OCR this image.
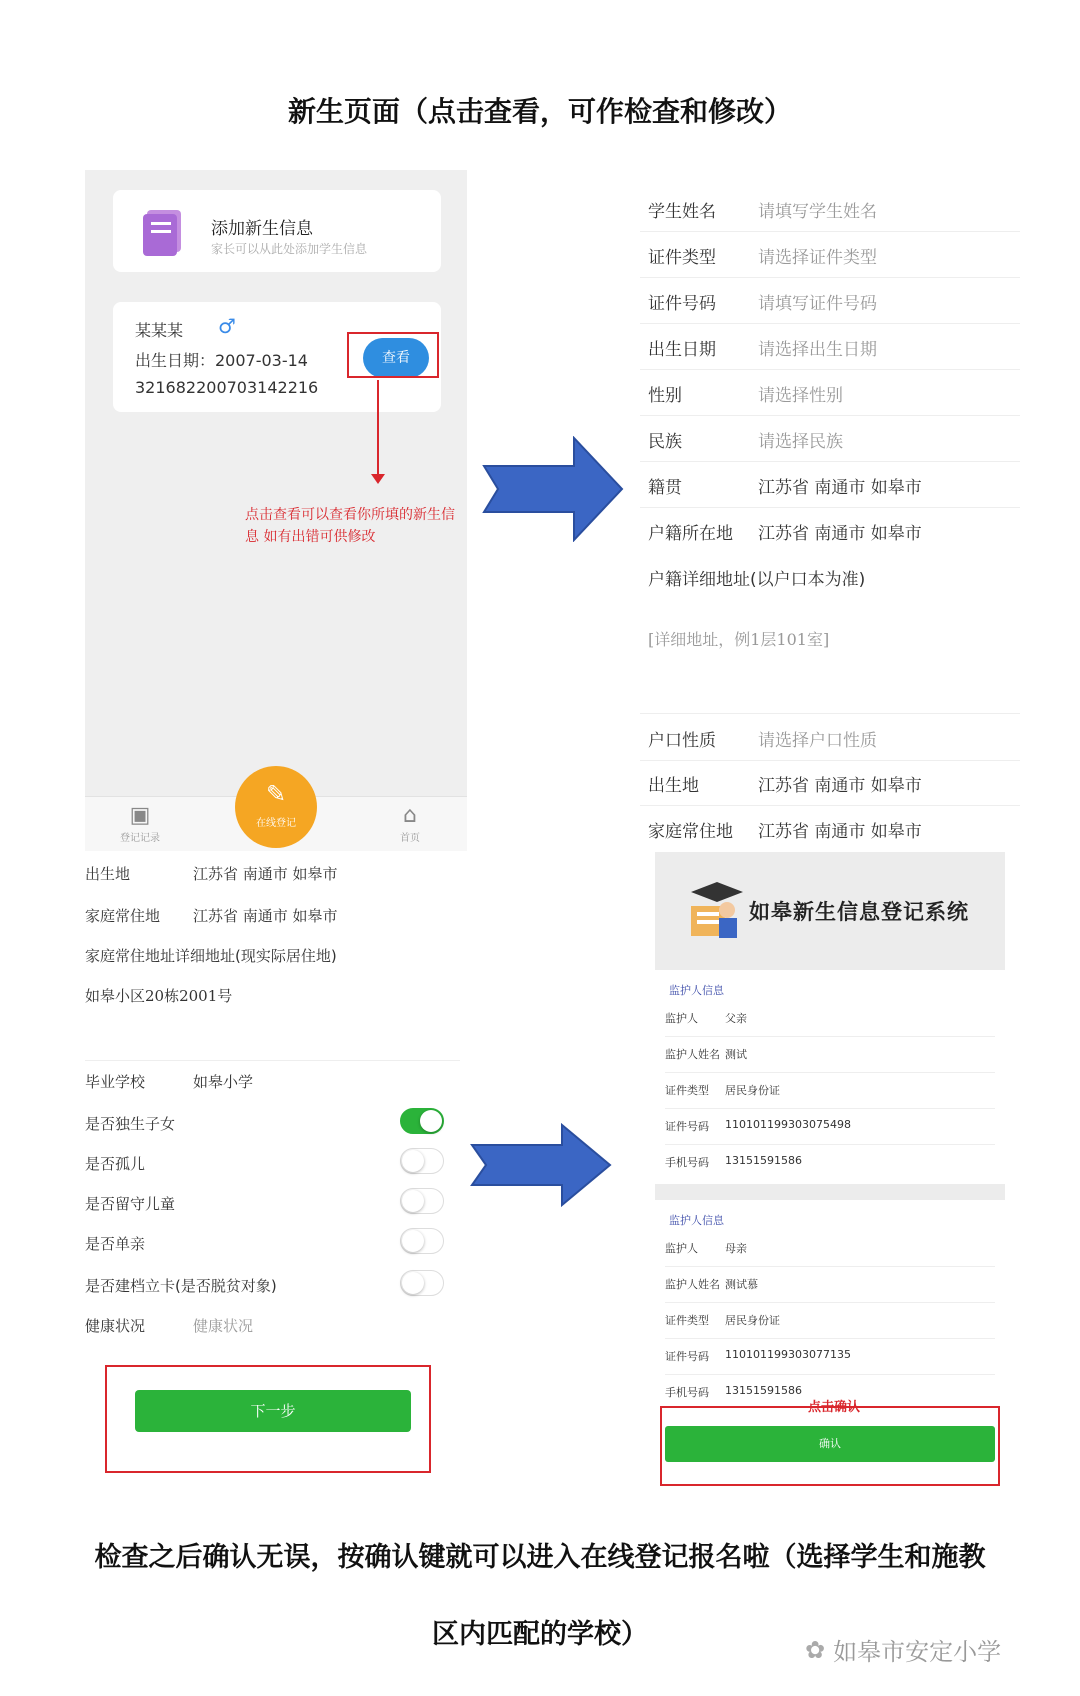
新生页面（点击查看，可作检查和修改）
添加新生信息
家长可以从此处添加学生信息
某某某 ♂
出生日期：2007-03-14
321682200703142216
查看
点击查看可以查看你所填的新生信息 如有出错可供修改
▣
登记记录
⌂
首页
✎
在线登记
学生姓名 请填写学生姓名
证件类型 请选择证件类型
证件号码 请填写证件号码
出生日期 请选择出生日期
性别	请选择性别
民族	请选择民族
籍贯	江苏省 南通市 如皋市
户籍所在地 江苏省 南通市 如皋市
户籍详细地址(以户口本为准)
[详细地址，例1层101室]
户口性质 请选择户口性质
出生地	江苏省 南通市 如皋市
家庭常住地 江苏省 南通市 如皋市
出生地	江苏省 南通市 如皋市
家庭常住地 江苏省 南通市 如皋市
家庭常住地址详细地址(现实际居住地)
如皋小区20栋2001号
毕业学校	如皋小学
是否独生子女
是否孤儿
是否留守儿童
是否单亲
是否建档立卡(是否脱贫对象)
健康状况	健康状况
下一步
如皋新生信息登记系统
监护人信息
监护人 父亲
监护人姓名 测试
证件类型 居民身份证
证件号码 110101199303075498
手机号码 13151591586
监护人信息
监护人 母亲
监护人姓名 测试慕
证件类型 居民身份证
证件号码 110101199303077135
手机号码 13151591586
点击确认
确认
检查之后确认无误，按确认键就可以进入在线登记报名啦（选择学生和施教
区内匹配的学校）	✿ 如皋市安定小学
